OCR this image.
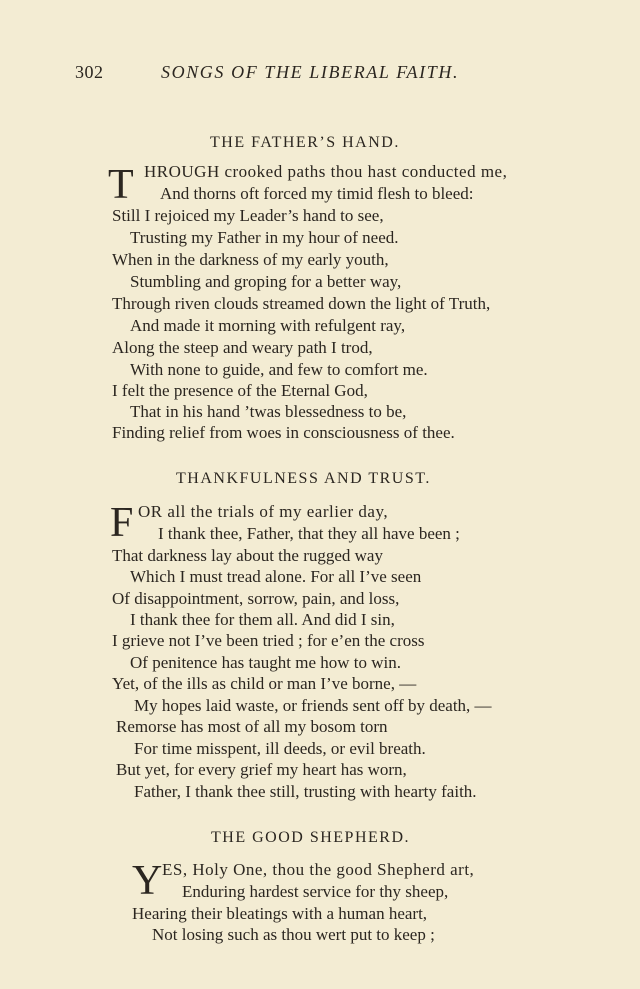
302	SONGS OF THE LIBERAL FAITH.
THE FATHER’S HAND.
T HROUGH crooked paths thou hast conducted me,
And thorns oft forced my timid flesh to bleed:
Still I rejoiced my Leader’s hand to see,
Trusting my Father in my hour of need.
When in the darkness of my early youth,
Stumbling and groping for a better way,
Through riven clouds streamed down the light of Truth,
And made it morning with refulgent ray,
Along the steep and weary path I trod,
With none to guide, and few to comfort me.
I felt the presence of the Eternal God,
That in his hand ’twas blessedness to be,
Finding relief from woes in consciousness of thee.
THANKFULNESS AND TRUST.
F OR all the trials of my earlier day,
I thank thee, Father, that they all have been ;
That darkness lay about the rugged way
Which I must tread alone. For all I’ve seen
Of disappointment, sorrow, pain, and loss,
I thank thee for them all. And did I sin,
I grieve not I’ve been tried ; for e’en the cross
Of penitence has taught me how to win.
Yet, of the ills as child or man I’ve borne, —
My hopes laid waste, or friends sent off by death, —
Remorse has most of all my bosom torn
For time misspent, ill deeds, or evil breath.
But yet, for every grief my heart has worn,
Father, I thank thee still, trusting with hearty faith.
THE GOOD SHEPHERD.
Y ES, Holy One, thou the good Shepherd art,
Enduring hardest service for thy sheep,
Hearing their bleatings with a human heart,
Not losing such as thou wert put to keep ;
